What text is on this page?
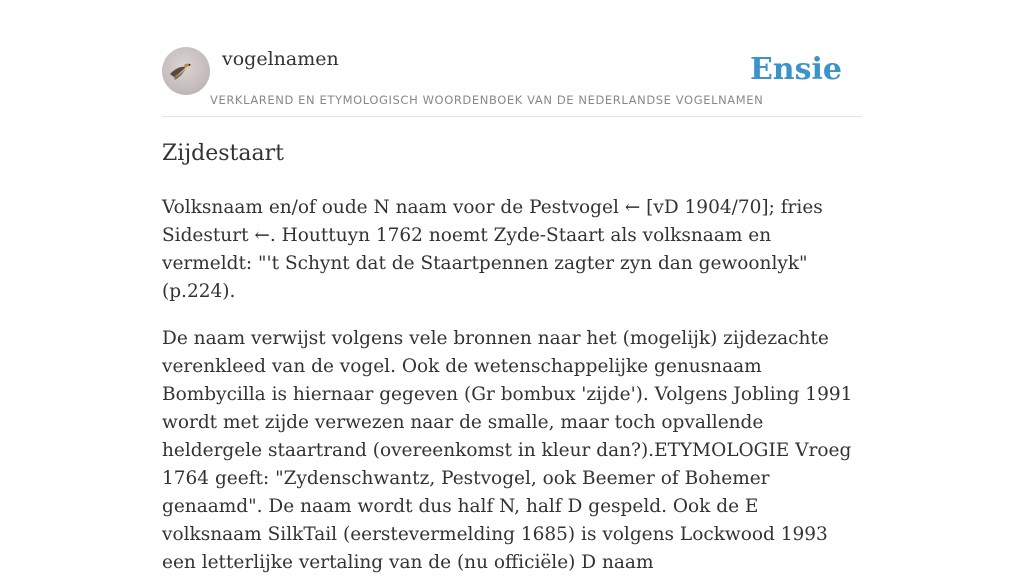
vogelnamen
VERKLAREND EN ETYMOLOGISCH WOORDENBOEK VAN DE NEDERLANDSE VOGELNAMEN
Ensie
Zijdestaart

Volksnaam en/of oude N naam voor de Pestvogel ← [vD 1904/70]; fries Sidesturt ←. Houttuyn 1762 noemt Zyde-Staart als volksnaam en vermeldt: "'t Schynt dat de Staartpennen zagter zyn dan gewoonlyk" (p.224).

De naam verwijst volgens vele bronnen naar het (mogelijk) zijdezachte verenkleed van de vogel. Ook de wetenschappelijke genusnaam Bombycilla is hiernaar gegeven (Gr bombux 'zijde'). Volgens Jobling 1991 wordt met zijde verwezen naar de smalle, maar toch opvallende heldergele staartrand (overeenkomst in kleur dan?).ETYMOLOGIE Vroeg 1764 geeft: "Zydenschwantz, Pestvogel, ook Beemer of Bohemer genaamd". De naam wordt dus half N, half D gespeld. Ook de E volksnaam SilkTail (eerstevermelding 1685) is volgens Lockwood 1993 een letterlijke vertaling van de (nu officiële) D naam
